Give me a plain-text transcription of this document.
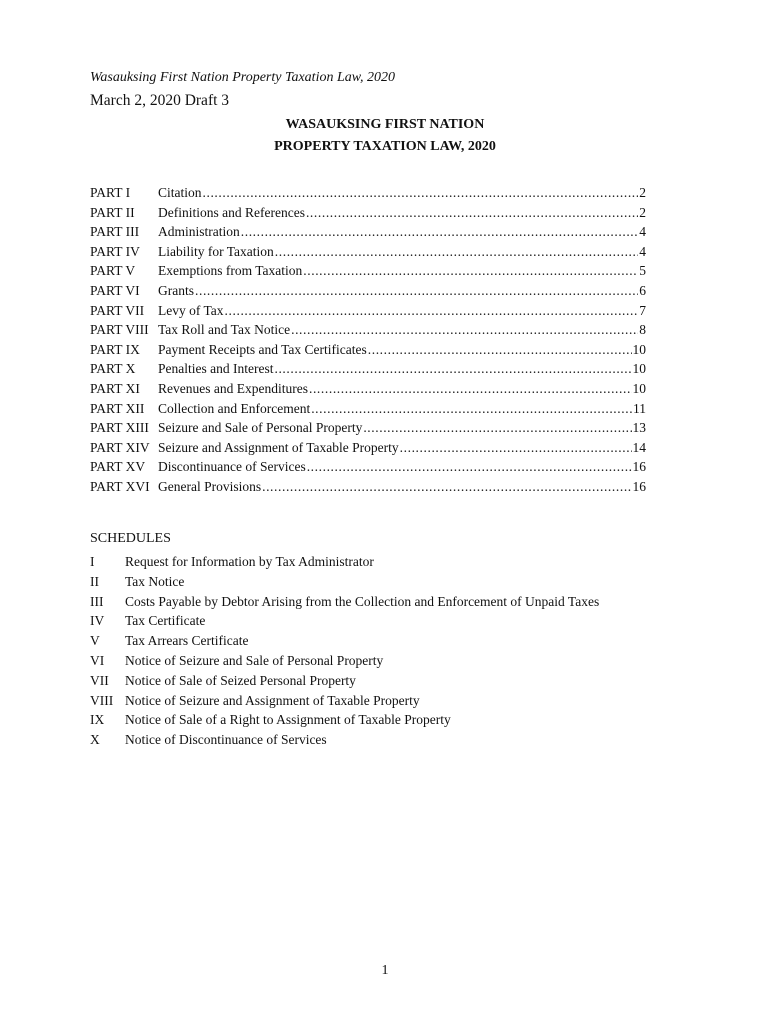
Wasauksing First Nation Property Taxation Law, 2020
March 2, 2020 Draft 3
WASAUKSING FIRST NATION
PROPERTY TAXATION LAW, 2020
PART I Citation .....	2
PART II Definitions and References .....	2
PART III Administration .....	4
PART IV Liability for Taxation .....	4
PART V Exemptions from Taxation .....	5
PART VI Grants .....	6
PART VII Levy of Tax .....	7
PART VIII Tax Roll and Tax Notice .....	8
PART IX Payment Receipts and Tax Certificates .....	10
PART X Penalties and Interest .....	10
PART XI Revenues and Expenditures .....	10
PART XII Collection and Enforcement .....	11
PART XIII Seizure and Sale of Personal Property .....	13
PART XIV Seizure and Assignment of Taxable Property .....	14
PART XV Discontinuance of Services .....	16
PART XVI General Provisions .....	16
SCHEDULES
I Request for Information by Tax Administrator
II Tax Notice
III Costs Payable by Debtor Arising from the Collection and Enforcement of Unpaid Taxes
IV Tax Certificate
V Tax Arrears Certificate
VI Notice of Seizure and Sale of Personal Property
VII Notice of Sale of Seized Personal Property
VIII Notice of Seizure and Assignment of Taxable Property
IX Notice of Sale of a Right to Assignment of Taxable Property
X Notice of Discontinuance of Services
1
